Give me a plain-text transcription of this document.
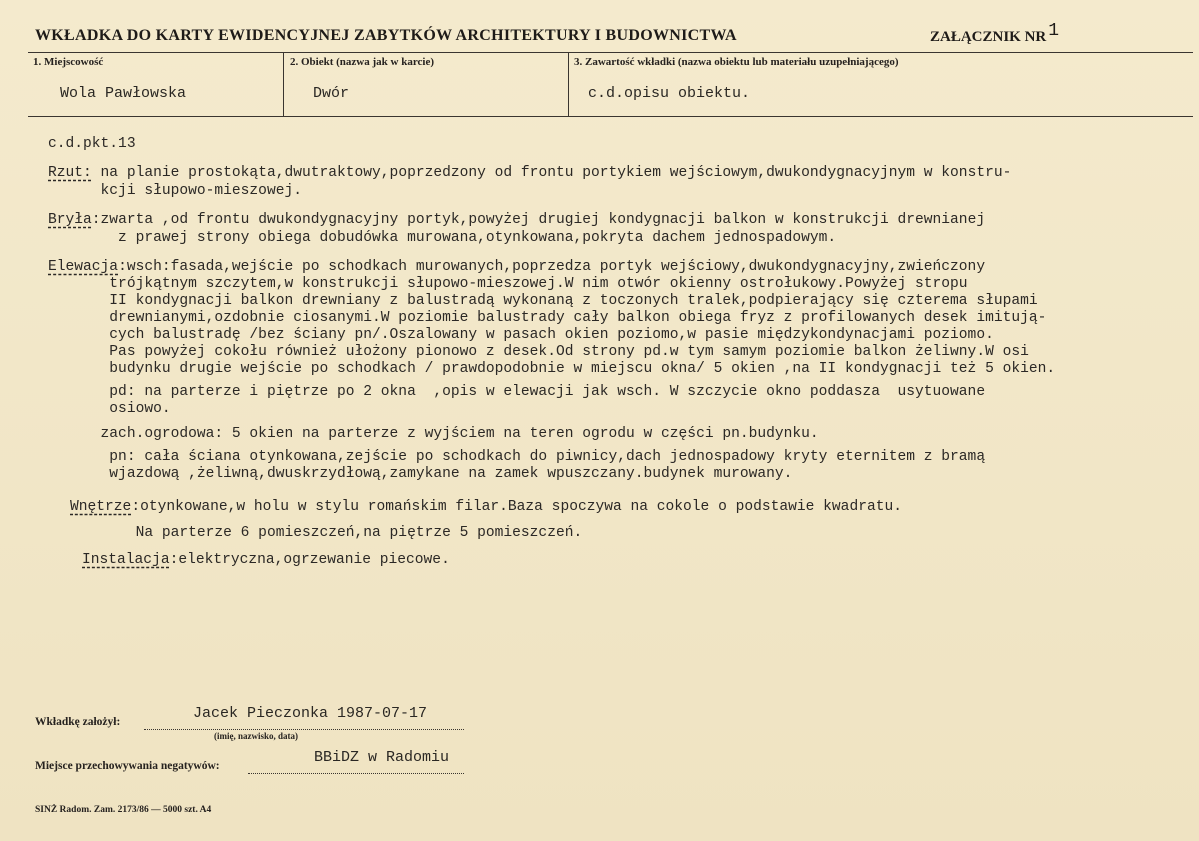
WKŁADKA DO KARTY EWIDENCYJNEJ ZABYTKÓW ARCHITEKTURY I BUDOWNICTWA	ZAŁĄCZNIK NR 1
1. Miejscowość
Wola Pawłowska
2. Obiekt (nazwa jak w karcie)
Dwór
3. Zawartość wkładki (nazwa obiektu lub materiału uzupełniającego)
c.d.opisu obiektu.
c.d.pkt.13
Rzut: na planie prostokąta,dwutraktowy,poprzedzony od frontu portykiem wejściowym,dwukondygnacyjnym w konstru-
kcji słupowo-mieszowej.
Bryła:zwarta ,od frontu dwukondygnacyjny portyk,powyżej drugiej kondygnacji balkon w konstrukcji drewnianej
z prawej strony obiega dobudówka murowana,otynkowana,pokryta dachem jednospadowym.
Elewacja:wsch:fasada,wejście po schodkach murowanych,poprzedza portyk wejściowy,dwukondygnacyjny,zwieńczony
trójkątnym szczytem,w konstrukcji słupowo-mieszowej.W nim otwór okienny ostrołukowy.Powyżej stropu
II kondygnacji balkon drewniany z balustradą wykonaną z toczonych tralek,podpierający się czterema słupami
drewnianymi,ozdobnie ciosanymi.W poziomie balustrady cały balkon obiega fryz z profilowanych desek imitują-
cych balustradę /bez ściany pn/.Oszalowany w pasach okien poziomo,w pasie międzykondynacjami poziomo.
Pas powyżej cokołu również ułożony pionowo z desek.Od strony pd.w tym samym poziomie balkon żeliwny.W osi
budynku drugie wejście po schodkach / prawdopodobnie w miejscu okna/ 5 okien ,na II kondygnacji też 5 okien.
pd: na parterze i piętrze po 2 okna  ,opis w elewacji jak wsch. W szczycie okno poddasza  usytuowane
osiowo.
zach.ogrodowa: 5 okien na parterze z wyjściem na teren ogrodu w części pn.budynku.
pn: cała ściana otynkowana,zejście po schodkach do piwnicy,dach jednospadowy kryty eternitem z bramą
wjazdową ,żeliwną,dwuskrzydłową,zamykane na zamek wpuszczany.budynek murowany.
Wnętrze:otynkowane,w holu w stylu romańskim filar.Baza spoczywa na cokole o podstawie kwadratu.
Na parterze 6 pomieszczeń,na piętrze 5 pomieszczeń.
Instalacja:elektryczna,ogrzewanie piecowe.
Wkładkę założył:	Jacek Pieczonka 1987-07-17
(imię, nazwisko, data)
Miejsce przechowywania negatywów:	BBiDZ w Radomiu
SINŻ Radom. Zam. 2173/86 — 5000 szt. A4
